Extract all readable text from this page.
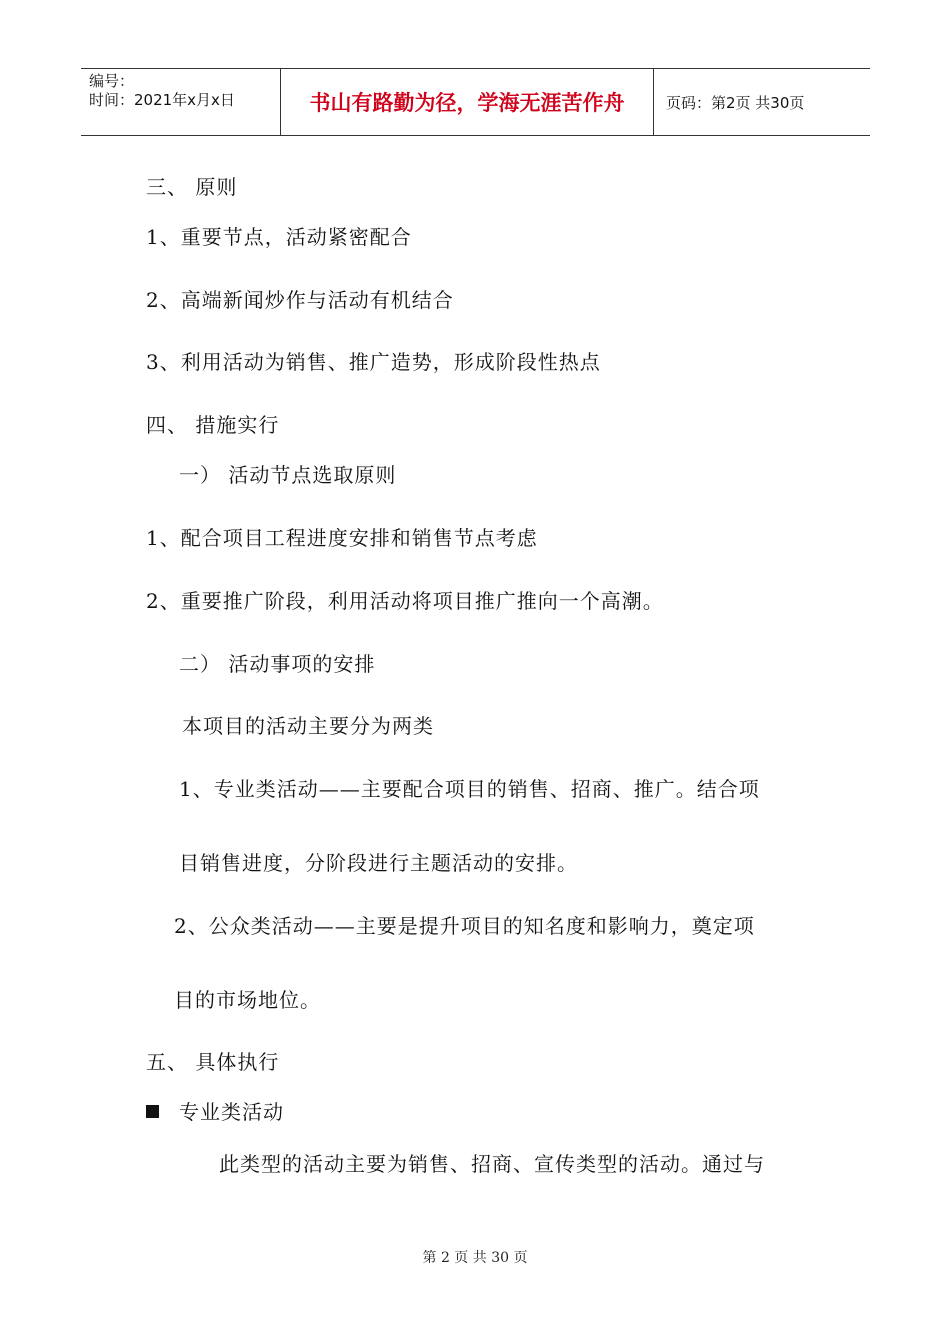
编号：
时间：2021年x月x日	书山有路勤为径，学海无涯苦作舟	页码：第2页 共30页
三、 原则
1、重要节点，活动紧密配合
2、高端新闻炒作与活动有机结合
3、利用活动为销售、推广造势，形成阶段性热点
四、 措施实行
一） 活动节点选取原则
1、配合项目工程进度安排和销售节点考虑
2、重要推广阶段，利用活动将项目推广推向一个高潮。
二） 活动事项的安排
本项目的活动主要分为两类
1、专业类活动——主要配合项目的销售、招商、推广。结合项
目销售进度，分阶段进行主题活动的安排。
2、公众类活动——主要是提升项目的知名度和影响力，奠定项
目的市场地位。
五、 具体执行
专业类活动
此类型的活动主要为销售、招商、宣传类型的活动。通过与
第 2 页 共 30 页
